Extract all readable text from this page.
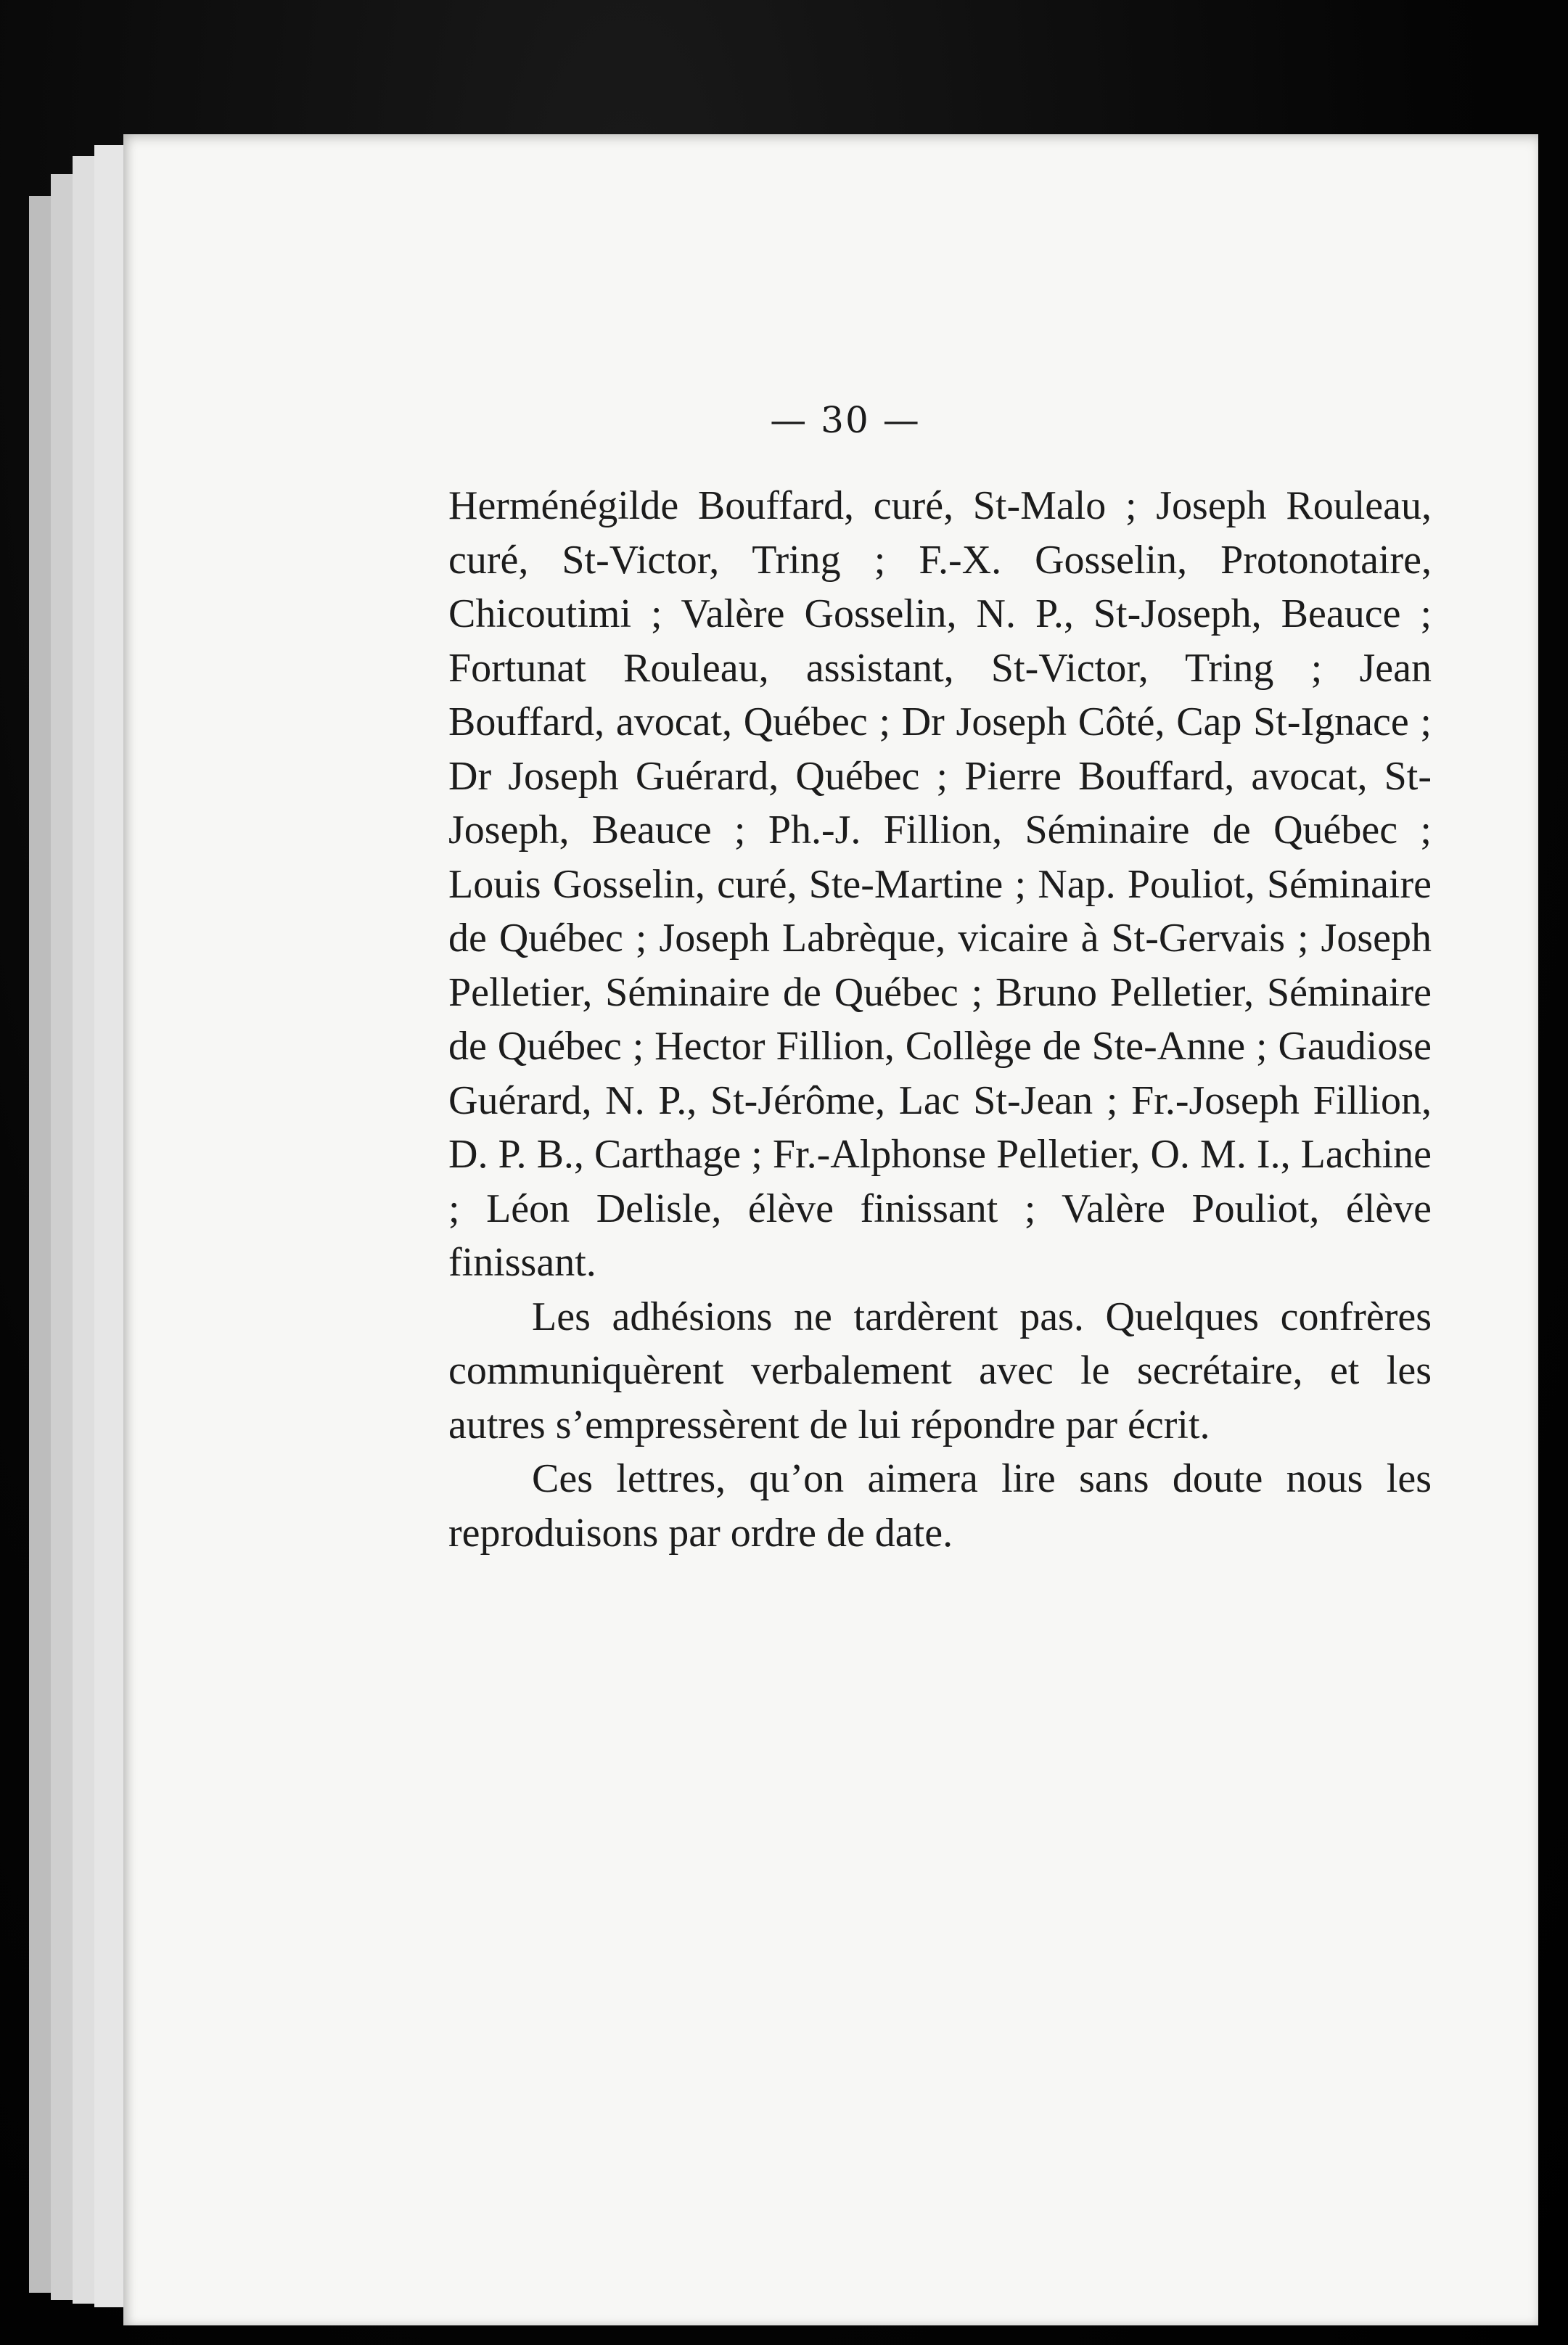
— 30 —

Herménégilde Bouffard, curé, St-Malo ; Joseph Rouleau, curé, St-Victor, Tring ; F.-X. Gosselin, Protonotaire, Chicoutimi ; Valère Gosselin, N. P., St-Joseph, Beauce ; Fortunat Rouleau, assistant, St-Victor, Tring ; Jean Bouffard, avocat, Québec ; Dr Joseph Côté, Cap St-Ignace ; Dr Joseph Guérard, Québec ; Pierre Bouffard, avocat, St-Joseph, Beauce ; Ph.-J. Fillion, Séminaire de Québec ; Louis Gosselin, curé, Ste-Martine ; Nap. Pouliot, Séminaire de Québec ; Joseph Labrèque, vicaire à St-Gervais ; Joseph Pelletier, Séminaire de Québec ; Bruno Pelletier, Séminaire de Québec ; Hector Fillion, Collège de Ste-Anne ; Gaudiose Guérard, N. P., St-Jérôme, Lac St-Jean ; Fr.-Joseph Fillion, D. P. B., Carthage ; Fr.-Alphonse Pelletier, O. M. I., Lachine ; Léon Delisle, élève finissant ; Valère Pouliot, élève finissant.

Les adhésions ne tardèrent pas. Quelques confrères communiquèrent verbalement avec le secrétaire, et les autres s’empressèrent de lui répondre par écrit.

Ces lettres, qu’on aimera lire sans doute nous les reproduisons par ordre de date.
